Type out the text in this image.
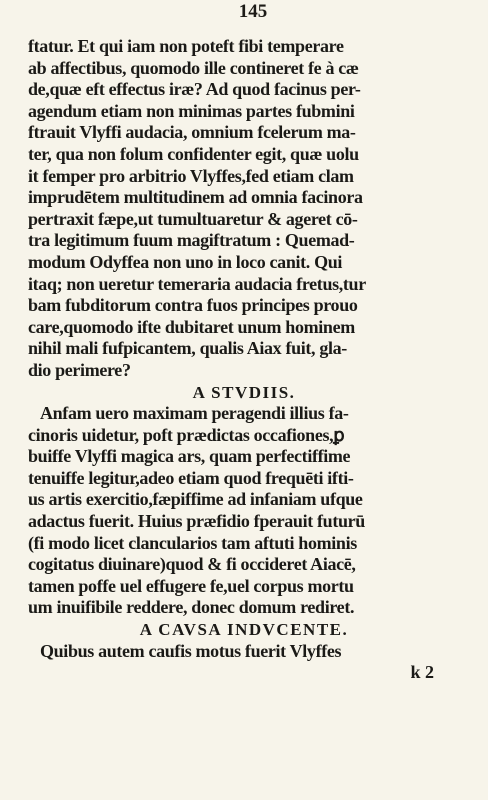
145
ftatur. Et qui iam non poteft fibi temperare
ab affectibus, quomodo ille contineret fe à cæ
de,quæ eft effectus iræ? Ad quod facinus per-
agendum etiam non minimas partes fubmini
ftrauit Vlyffi audacia, omnium fcelerum ma-
ter, qua non folum confidenter egit, quæ uolu
it femper pro arbitrio Vlyffes,fed etiam clam
imprudētem multitudinem ad omnia facinora
pertraxit fæpe,ut tumultuaretur & ageret cō-
tra legitimum fuum magiftratum : Quemad-
modum Odyffea non uno in loco canit. Qui
itaq; non ueretur temeraria audacia fretus,tur
bam fubditorum contra fuos principes prouo
care,quomodo ifte dubitaret unum hominem
nihil mali fufpicantem, qualis Aiax fuit, gla-
dio perimere?
A STVDIIS.
Anfam uero maximam peragendi illius fa-
cinoris uidetur, poft prædictas occafiones,ꝑ
buiffe Vlyffi magica ars, quam perfectiffime
tenuiffe legitur,adeo etiam quod frequēti ifti-
us artis exercitio,fæpiffime ad infaniam ufque
adactus fuerit. Huius præfidio fperauit futurū
(fi modo licet clancularios tam aftuti hominis
cogitatus diuinare)quod & fi occideret Aiacē,
tamen poffe uel effugere fe,uel corpus mortu
um inuifibile reddere, donec domum rediret.
A CAVSA INDVCENTE.
Quibus autem caufis motus fuerit Vlyffes
k 2
